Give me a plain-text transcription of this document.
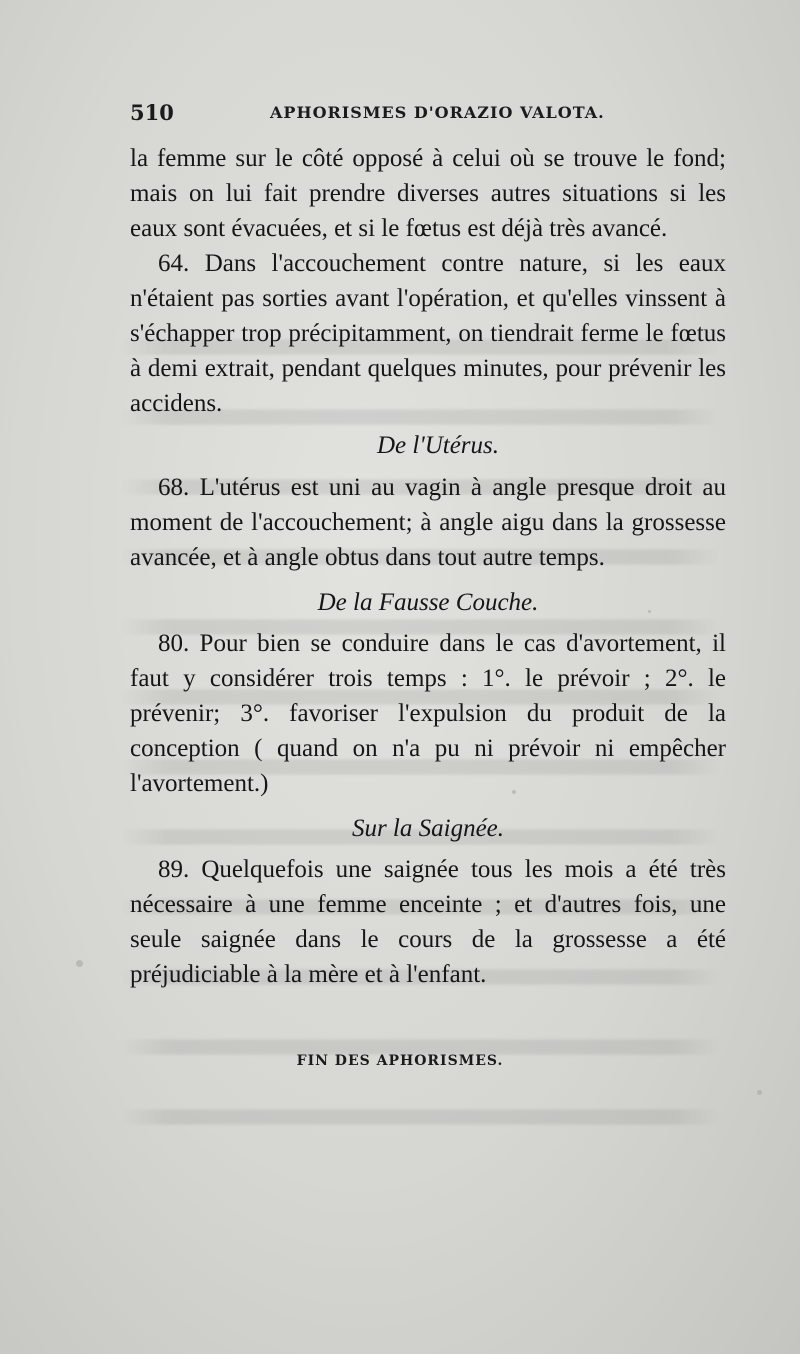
510	APHORISMES D'ORAZIO VALOTA.

la femme sur le côté opposé à celui où se trouve le fond; mais on lui fait prendre diverses autres situations si les eaux sont évacuées, et si le fœtus est déjà très avancé.

64. Dans l'accouchement contre nature, si les eaux n'étaient pas sorties avant l'opération, et qu'elles vinssent à s'échapper trop précipitamment, on tiendrait ferme le fœtus à demi extrait, pendant quelques minutes, pour prévenir les accidens.

De l'Utérus.

68. L'utérus est uni au vagin à angle presque droit au moment de l'accouchement; à angle aigu dans la grossesse avancée, et à angle obtus dans tout autre temps.

De la Fausse Couche.

80. Pour bien se conduire dans le cas d'avortement, il faut y considérer trois temps : 1°. le prévoir ; 2°. le prévenir; 3°. favoriser l'expulsion du produit de la conception ( quand on n'a pu ni prévoir ni empêcher l'avortement.)

Sur la Saignée.

89. Quelquefois une saignée tous les mois a été très nécessaire à une femme enceinte ; et d'autres fois, une seule saignée dans le cours de la grossesse a été préjudiciable à la mère et à l'enfant.

FIN DES APHORISMES.
